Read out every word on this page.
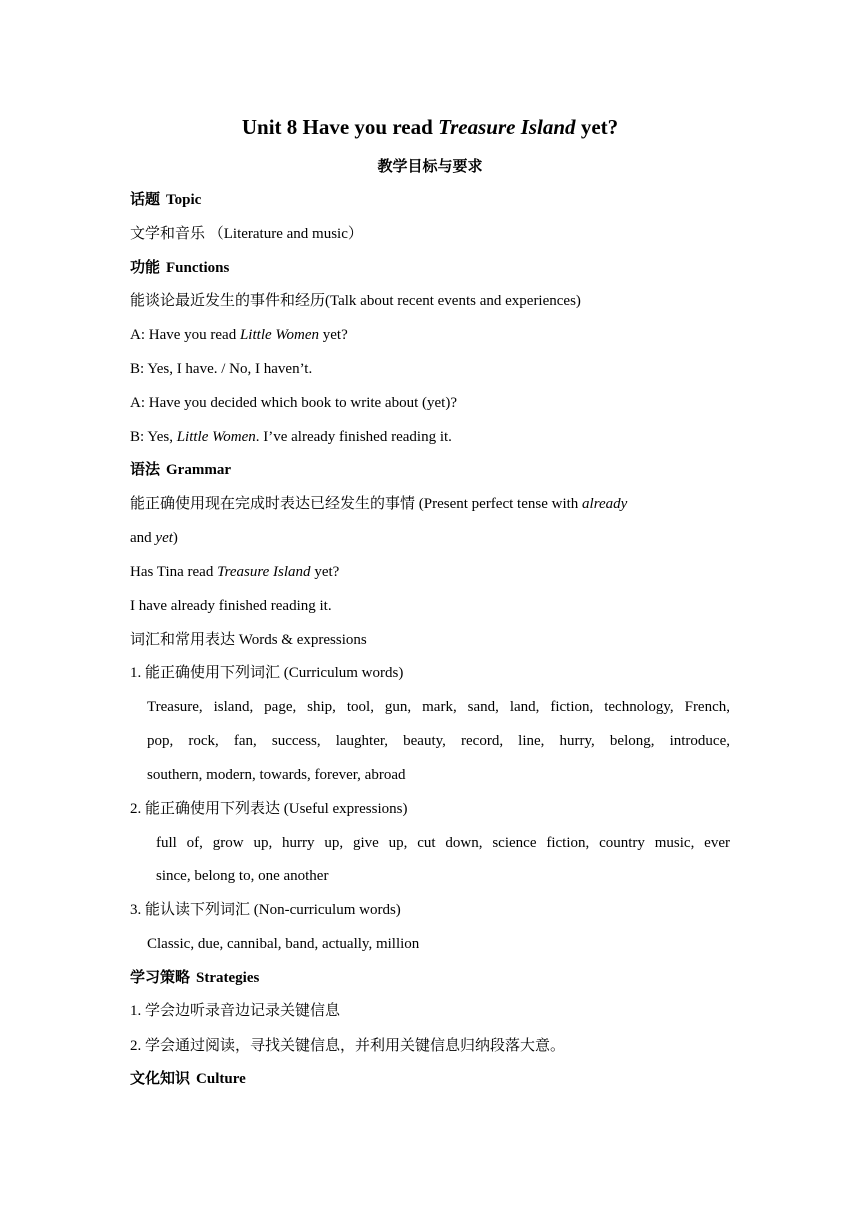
Unit 8 Have you read Treasure Island yet?
教学目标与要求
话题 Topic
文学和音乐 （Literature and music）
功能 Functions
能谈论最近发生的事件和经历(Talk about recent events and experiences)
A: Have you read Little Women yet?
B: Yes, I have. / No, I haven’t.
A: Have you decided which book to write about (yet)?
B: Yes, Little Women. I’ve already finished reading it.
语法 Grammar
能正确使用现在完成时表达已经发生的事情 (Present perfect tense with already
and yet)
Has Tina read Treasure Island yet?
I have already finished reading it.
词汇和常用表达 Words & expressions
1. 能正确使用下列词汇 (Curriculum words)
Treasure, island, page, ship, tool, gun, mark, sand, land, fiction, technology, French,
pop, rock, fan, success, laughter, beauty, record, line, hurry, belong, introduce,
southern, modern, towards, forever, abroad
2. 能正确使用下列表达 (Useful expressions)
full of, grow up, hurry up, give up, cut down, science fiction, country music, ever
since, belong to, one another
3. 能认读下列词汇 (Non-curriculum words)
Classic, due, cannibal, band, actually, million
学习策略 Strategies
1. 学会边听录音边记录关键信息
2. 学会通过阅读，寻找关键信息，并利用关键信息归纳段落大意。
文化知识 Culture
